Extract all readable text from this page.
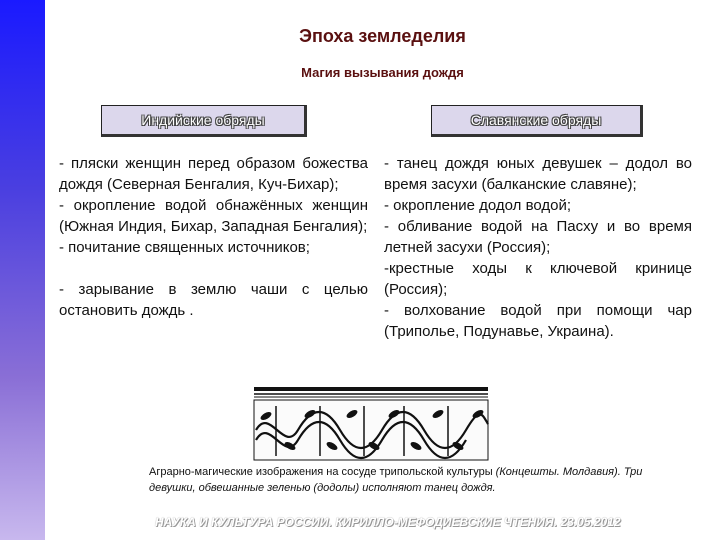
Эпоха земледелия
Магия вызывания дождя
Индийские обряды	Славянские обряды

- пляски женщин перед образом божества дождя (Северная Бенгалия, Куч-Бихар);

- окропление водой обнажённых женщин (Южная Индия, Бихар, Западная Бенгалия);

- почитание священных источников;

- зарывание в землю чаши с целью остановить дождь .

- танец дождя юных девушек – додол во время засухи (балканские славяне);

- окропление додол водой;

- обливание водой на Пасху и во время летней засухи (Россия);

-крестные ходы к ключевой кринице (Россия);

- волхование водой при помощи чар (Триполье, Подунавье, Украина).

Аграрно-магические изображения на сосуде трипольской культуры (Концешты. Молдавия). Три девушки, обвешанные зеленью (додолы) исполняют танец дождя.
НАУКА И КУЛЬТУРА РОССИИ. КИРИЛЛО-МЕФОДИЕВСКИЕ ЧТЕНИЯ. 23.05.2012
